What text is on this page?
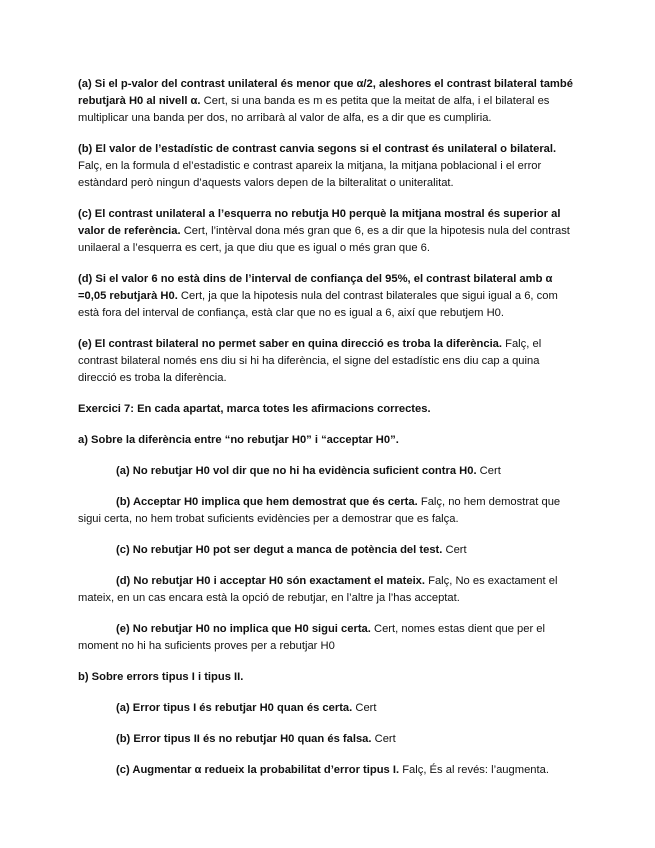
(a) Si el p-valor del contrast unilateral és menor que α/2, aleshores el contrast bilateral també rebutjarà H0 al nivell α. Cert, si una banda es m es petita que la meitat de alfa, i el bilateral es multiplicar una banda per dos, no arribarà al valor de alfa, es a dir que es cumpliria.

(b) El valor de l’estadístic de contrast canvia segons si el contrast és unilateral o bilateral. Falç, en la formula d el’estadistic e contrast apareix la mitjana, la mitjana poblacional i el error estàndard però ningun d’aquests valors depen de la bilteralitat o uniteralitat.

(c) El contrast unilateral a l’esquerra no rebutja H0 perquè la mitjana mostral és superior al valor de referència. Cert, l’intèrval dona més gran que 6, es a dir que la hipotesis nula del contrast unilaeral a l’esquerra es cert, ja que diu que es igual o més gran que 6.

(d) Si el valor 6 no està dins de l’interval de confiança del 95%, el contrast bilateral amb α =0,05 rebutjarà H0. Cert, ja que la hipotesis nula del contrast bilaterales que sigui igual a 6, com està fora del interval de confiança, està clar que no es igual a 6, així que rebutjem H0.

(e) El contrast bilateral no permet saber en quina direcció es troba la diferència. Falç, el contrast bilateral només ens diu si hi ha diferència, el signe del estadístic ens diu cap a quina direcció es troba la diferència.

Exercici 7: En cada apartat, marca totes les afirmacions correctes.

a) Sobre la diferència entre “no rebutjar H0” i “acceptar H0”.

(a) No rebutjar H0 vol dir que no hi ha evidència suficient contra H0. Cert

(b) Acceptar H0 implica que hem demostrat que és certa. Falç, no hem demostrat que sigui certa, no hem trobat suficients evidències per a demostrar que es falça.

(c) No rebutjar H0 pot ser degut a manca de potència del test. Cert

(d) No rebutjar H0 i acceptar H0 són exactament el mateix. Falç, No es exactament el mateix, en un cas encara està la opció de rebutjar, en l’altre ja l’has acceptat.

(e) No rebutjar H0 no implica que H0 sigui certa. Cert, nomes estas dient que per el moment no hi ha suficients proves per a rebutjar H0

b) Sobre errors tipus I i tipus II.

(a) Error tipus I és rebutjar H0 quan és certa. Cert

(b) Error tipus II és no rebutjar H0 quan és falsa. Cert

(c) Augmentar α redueix la probabilitat d’error tipus I. Falç, És al revés: l’augmenta.
